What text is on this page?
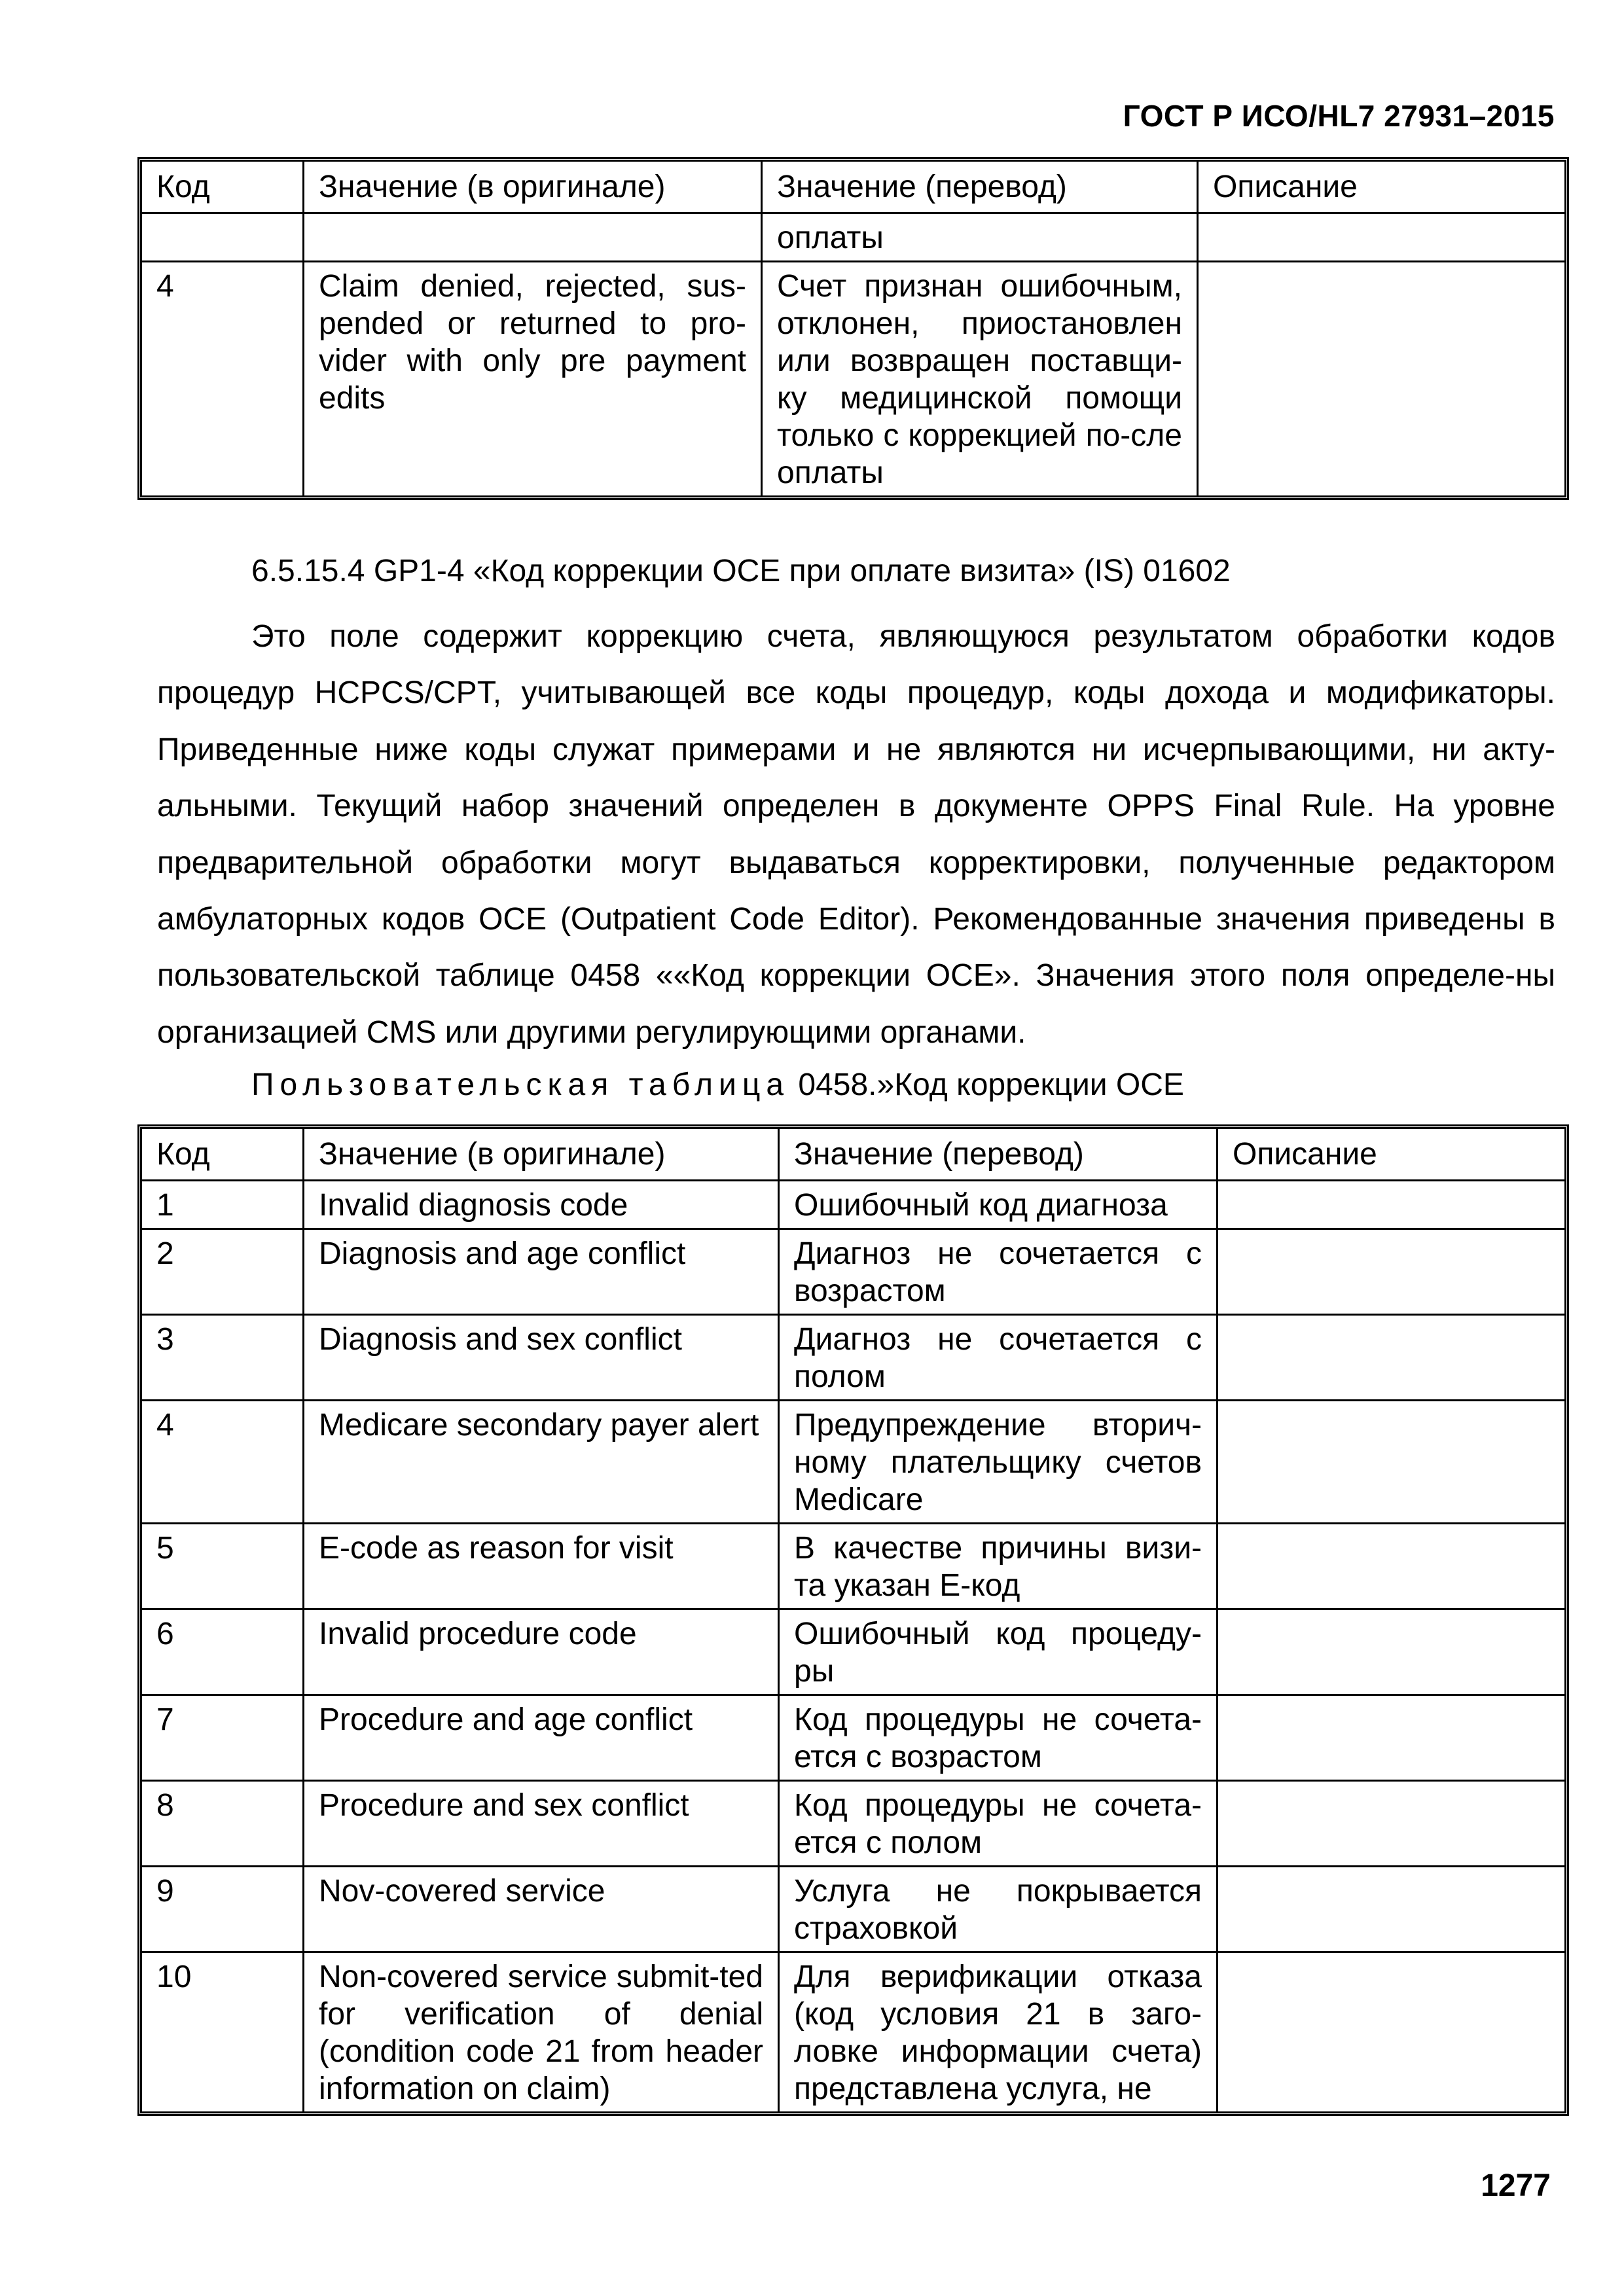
ГОСТ Р ИСО/HL7 27931–2015
Код	Значение (в оригинале)	Значение (перевод)	Описание
		оплаты	
4	Claim denied, rejected, sus-pended or returned to pro-vider with only pre payment edits	Счет признан ошибочным, отклонен, приостановлен или возвращен поставщи-ку медицинской помощи только с коррекцией по-сле оплаты	
6.5.15.4 GP1-4 «Код коррекции OCE при оплате визита» (IS) 01602
Это поле содержит коррекцию счета, являющуюся результатом обработки кодов процедур HCPCS/CPT, учитывающей все коды процедур, коды дохода и модификаторы. Приведенные ниже коды служат примерами и не являются ни исчерпывающими, ни акту-альными. Текущий набор значений определен в документе OPPS Final Rule. На уровне предварительной обработки могут выдаваться корректировки, полученные редактором амбулаторных кодов OCE (Outpatient Code Editor). Рекомендованные значения приведены в пользовательской таблице 0458 ««Код коррекции OCE». Значения этого поля определе-ны организацией CMS или другими регулирующими органами.
Пользовательская таблица 0458.»Код коррекции OCE
Код	Значение (в оригинале)	Значение (перевод)	Описание
1	Invalid diagnosis code	Ошибочный код диагноза	
2	Diagnosis and age conflict	Диагноз не сочетается с возрастом	
3	Diagnosis and sex conflict	Диагноз не сочетается с полом	
4	Medicare secondary payer alert	Предупреждение вторич-ному плательщику счетов Medicare	
5	E-code as reason for visit	В качестве причины визи-та указан E-код	
6	Invalid procedure code	Ошибочный код процеду-ры	
7	Procedure and age conflict	Код процедуры не сочета-ется с возрастом	
8	Procedure and sex conflict	Код процедуры не сочета-ется с полом	
9	Nov-covered service	Услуга не покрывается страховкой	
10	Non-covered service submit-ted for verification of denial (condition code 21 from header information on claim)	Для верификации отказа (код условия 21 в заго-ловке информации счета) представлена услуга, не	
1277
